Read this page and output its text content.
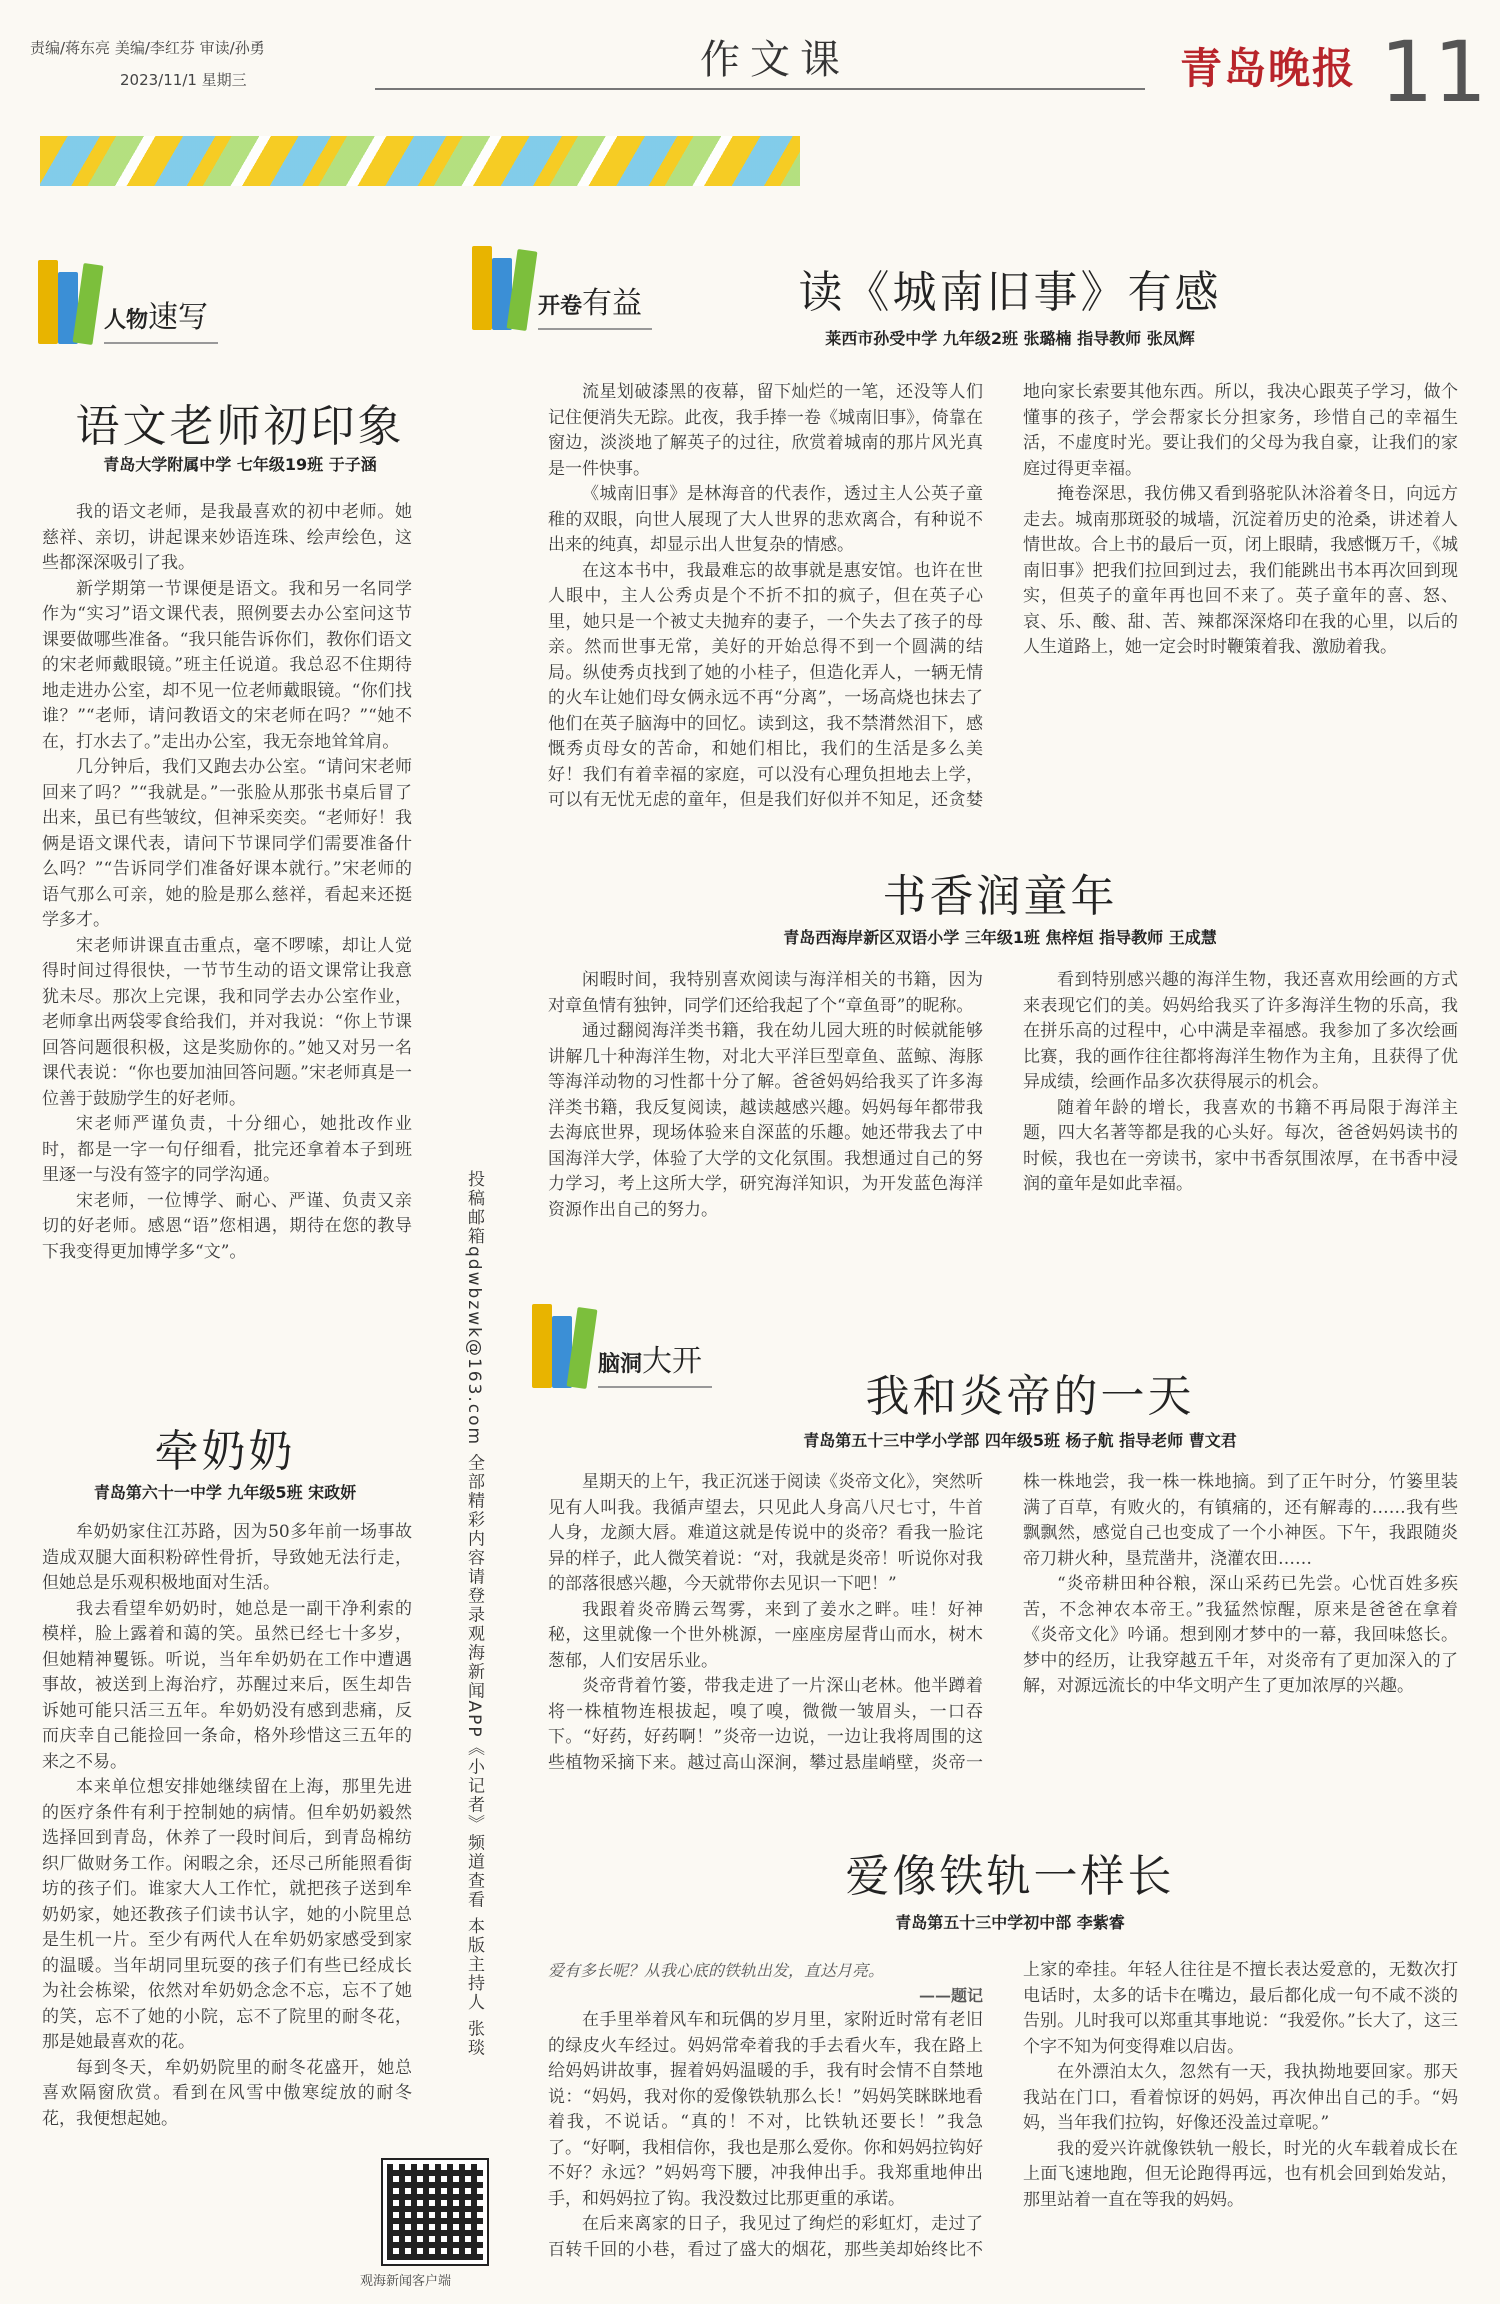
责编/蒋东亮 美编/李红芬 审读/孙勇
2023/11/1 星期三	作文课	青岛晚报 11
人物速写
语文老师初印象
青岛大学附属中学 七年级19班 于子涵

我的语文老师，是我最喜欢的初中老师。她慈祥、亲切，讲起课来妙语连珠、绘声绘色，这些都深深吸引了我。

新学期第一节课便是语文。我和另一名同学作为“实习”语文课代表，照例要去办公室问这节课要做哪些准备。“我只能告诉你们，教你们语文的宋老师戴眼镜。”班主任说道。我总忍不住期待地走进办公室，却不见一位老师戴眼镜。“你们找谁？”“老师，请问教语文的宋老师在吗？”“她不在，打水去了。”走出办公室，我无奈地耸耸肩。

几分钟后，我们又跑去办公室。“请问宋老师回来了吗？”“我就是。”一张脸从那张书桌后冒了出来，虽已有些皱纹，但神采奕奕。“老师好！我俩是语文课代表，请问下节课同学们需要准备什么吗？”“告诉同学们准备好课本就行。”宋老师的语气那么可亲，她的脸是那么慈祥，看起来还挺学多才。

宋老师讲课直击重点，毫不啰嗦，却让人觉得时间过得很快，一节节生动的语文课常让我意犹未尽。那次上完课，我和同学去办公室作业，老师拿出两袋零食给我们，并对我说：“你上节课回答问题很积极，这是奖励你的。”她又对另一名课代表说：“你也要加油回答问题。”宋老师真是一位善于鼓励学生的好老师。

宋老师严谨负责，十分细心，她批改作业时，都是一字一句仔细看，批完还拿着本子到班里逐一与没有签字的同学沟通。

宋老师，一位博学、耐心、严谨、负责又亲切的好老师。感恩“语”您相遇，期待在您的教导下我变得更加博学多“文”。

牵奶奶
青岛第六十一中学 九年级5班 宋政妍

牟奶奶家住江苏路，因为50多年前一场事故造成双腿大面积粉碎性骨折，导致她无法行走，但她总是乐观积极地面对生活。

我去看望牟奶奶时，她总是一副干净利索的模样，脸上露着和蔼的笑。虽然已经七十多岁，但她精神矍铄。听说，当年牟奶奶在工作中遭遇事故，被送到上海治疗，苏醒过来后，医生却告诉她可能只活三五年。牟奶奶没有感到悲痛，反而庆幸自己能捡回一条命，格外珍惜这三五年的来之不易。

本来单位想安排她继续留在上海，那里先进的医疗条件有利于控制她的病情。但牟奶奶毅然选择回到青岛，休养了一段时间后，到青岛棉纺织厂做财务工作。闲暇之余，还尽己所能照看街坊的孩子们。谁家大人工作忙，就把孩子送到牟奶奶家，她还教孩子们读书认字，她的小院里总是生机一片。至少有两代人在牟奶奶家感受到家的温暖。当年胡同里玩耍的孩子们有些已经成长为社会栋梁，依然对牟奶奶念念不忘，忘不了她的笑，忘不了她的小院，忘不了院里的耐冬花，那是她最喜欢的花。

每到冬天，牟奶奶院里的耐冬花盛开，她总喜欢隔窗欣赏。看到在风雪中傲寒绽放的耐冬花，我便想起她。

投稿邮箱qdwbzwk@163.com 全部精彩内容请登录观海新闻APP《小记者》频道查看 本版主持人 张琰
观海新闻客户端
开卷有益	读《城南旧事》有感
莱西市孙受中学 九年级2班 张璐楠 指导教师 张凤辉

流星划破漆黑的夜幕，留下灿烂的一笔，还没等人们记住便消失无踪。此夜，我手捧一卷《城南旧事》，倚靠在窗边，淡淡地了解英子的过往，欣赏着城南的那片风光真是一件快事。

《城南旧事》是林海音的代表作，透过主人公英子童稚的双眼，向世人展现了大人世界的悲欢离合，有种说不出来的纯真，却显示出人世复杂的情感。

在这本书中，我最难忘的故事就是惠安馆。也许在世人眼中，主人公秀贞是个不折不扣的疯子，但在英子心里，她只是一个被丈夫抛弃的妻子，一个失去了孩子的母亲。然而世事无常，美好的开始总得不到一个圆满的结局。纵使秀贞找到了她的小桂子，但造化弄人，一辆无情的火车让她们母女俩永远不再“分离”，一场高烧也抹去了他们在英子脑海中的回忆。读到这，我不禁潸然泪下，感慨秀贞母女的苦命，和她们相比，我们的生活是多么美好！我们有着幸福的家庭，可以没有心理负担地去上学，可以有无忧无虑的童年，但是我们好似并不知足，还贪婪地向家长索要其他东西。所以，我决心跟英子学习，做个懂事的孩子，学会帮家长分担家务，珍惜自己的幸福生活，不虚度时光。要让我们的父母为我自豪，让我们的家庭过得更幸福。

掩卷深思，我仿佛又看到骆驼队沐浴着冬日，向远方走去。城南那斑驳的城墙，沉淀着历史的沧桑，讲述着人情世故。合上书的最后一页，闭上眼睛，我感慨万千，《城南旧事》把我们拉回到过去，我们能跳出书本再次回到现实，但英子的童年再也回不来了。英子童年的喜、怒、哀、乐、酸、甜、苦、辣都深深烙印在我的心里，以后的人生道路上，她一定会时时鞭策着我、激励着我。

书香润童年
青岛西海岸新区双语小学 三年级1班 焦梓烜 指导教师 王成慧

闲暇时间，我特别喜欢阅读与海洋相关的书籍，因为对章鱼情有独钟，同学们还给我起了个“章鱼哥”的昵称。

通过翻阅海洋类书籍，我在幼儿园大班的时候就能够讲解几十种海洋生物，对北大平洋巨型章鱼、蓝鲸、海豚等海洋动物的习性都十分了解。爸爸妈妈给我买了许多海洋类书籍，我反复阅读，越读越感兴趣。妈妈每年都带我去海底世界，现场体验来自深蓝的乐趣。她还带我去了中国海洋大学，体验了大学的文化氛围。我想通过自己的努力学习，考上这所大学，研究海洋知识，为开发蓝色海洋资源作出自己的努力。

看到特别感兴趣的海洋生物，我还喜欢用绘画的方式来表现它们的美。妈妈给我买了许多海洋生物的乐高，我在拼乐高的过程中，心中满是幸福感。我参加了多次绘画比赛，我的画作往往都将海洋生物作为主角，且获得了优异成绩，绘画作品多次获得展示的机会。

随着年龄的增长，我喜欢的书籍不再局限于海洋主题，四大名著等都是我的心头好。每次，爸爸妈妈读书的时候，我也在一旁读书，家中书香氛围浓厚，在书香中浸润的童年是如此幸福。

脑洞大开
我和炎帝的一天
青岛第五十三中学小学部 四年级5班 杨子航 指导老师 曹文君

星期天的上午，我正沉迷于阅读《炎帝文化》，突然听见有人叫我。我循声望去，只见此人身高八尺七寸，牛首人身，龙颜大唇。难道这就是传说中的炎帝？看我一脸诧异的样子，此人微笑着说：“对，我就是炎帝！听说你对我的部落很感兴趣，今天就带你去见识一下吧！”

我跟着炎帝腾云驾雾，来到了姜水之畔。哇！好神秘，这里就像一个世外桃源，一座座房屋背山而水，树木葱郁，人们安居乐业。

炎帝背着竹篓，带我走进了一片深山老林。他半蹲着将一株植物连根拔起，嗅了嗅，微微一皱眉头，一口吞下。“好药，好药啊！”炎帝一边说，一边让我将周围的这些植物采摘下来。越过高山深涧，攀过悬崖峭壁，炎帝一株一株地尝，我一株一株地摘。到了正午时分，竹篓里装满了百草，有败火的，有镇痛的，还有解毒的……我有些飘飘然，感觉自己也变成了一个小神医。下午，我跟随炎帝刀耕火种，垦荒凿井，浇灌农田……

“炎帝耕田种谷粮，深山采药已先尝。心忧百姓多疾苦，不念神农本帝王。”我猛然惊醒，原来是爸爸在拿着《炎帝文化》吟诵。想到刚才梦中的一幕，我回味悠长。梦中的经历，让我穿越五千年，对炎帝有了更加深入的了解，对源远流长的中华文明产生了更加浓厚的兴趣。

爱像铁轨一样长
青岛第五十三中学初中部 李紫睿
爱有多长呢？从我心底的铁轨出发，直达月亮。
——题记

在手里举着风车和玩偶的岁月里，家附近时常有老旧的绿皮火车经过。妈妈常牵着我的手去看火车，我在路上给妈妈讲故事，握着妈妈温暖的手，我有时会情不自禁地说：“妈妈，我对你的爱像铁轨那么长！”妈妈笑眯眯地看着我，不说话。“真的！不对，比铁轨还要长！”我急了。“好啊，我相信你，我也是那么爱你。你和妈妈拉钩好不好？永远？”妈妈弯下腰，冲我伸出手。我郑重地伸出手，和妈妈拉了钩。我没数过比那更重的承诺。

在后来离家的日子，我见过了绚烂的彩虹灯，走过了百转千回的小巷，看过了盛大的烟花，那些美却始终比不上家的牵挂。年轻人往往是不擅长表达爱意的，无数次打电话时，太多的话卡在嘴边，最后都化成一句不咸不淡的告别。儿时我可以郑重其事地说：“我爱你。”长大了，这三个字不知为何变得难以启齿。

在外漂泊太久，忽然有一天，我执拗地要回家。那天我站在门口，看着惊讶的妈妈，再次伸出自己的手。“妈妈，当年我们拉钩，好像还没盖过章呢。”

我的爱兴许就像铁轨一般长，时光的火车载着成长在上面飞速地跑，但无论跑得再远，也有机会回到始发站，那里站着一直在等我的妈妈。
